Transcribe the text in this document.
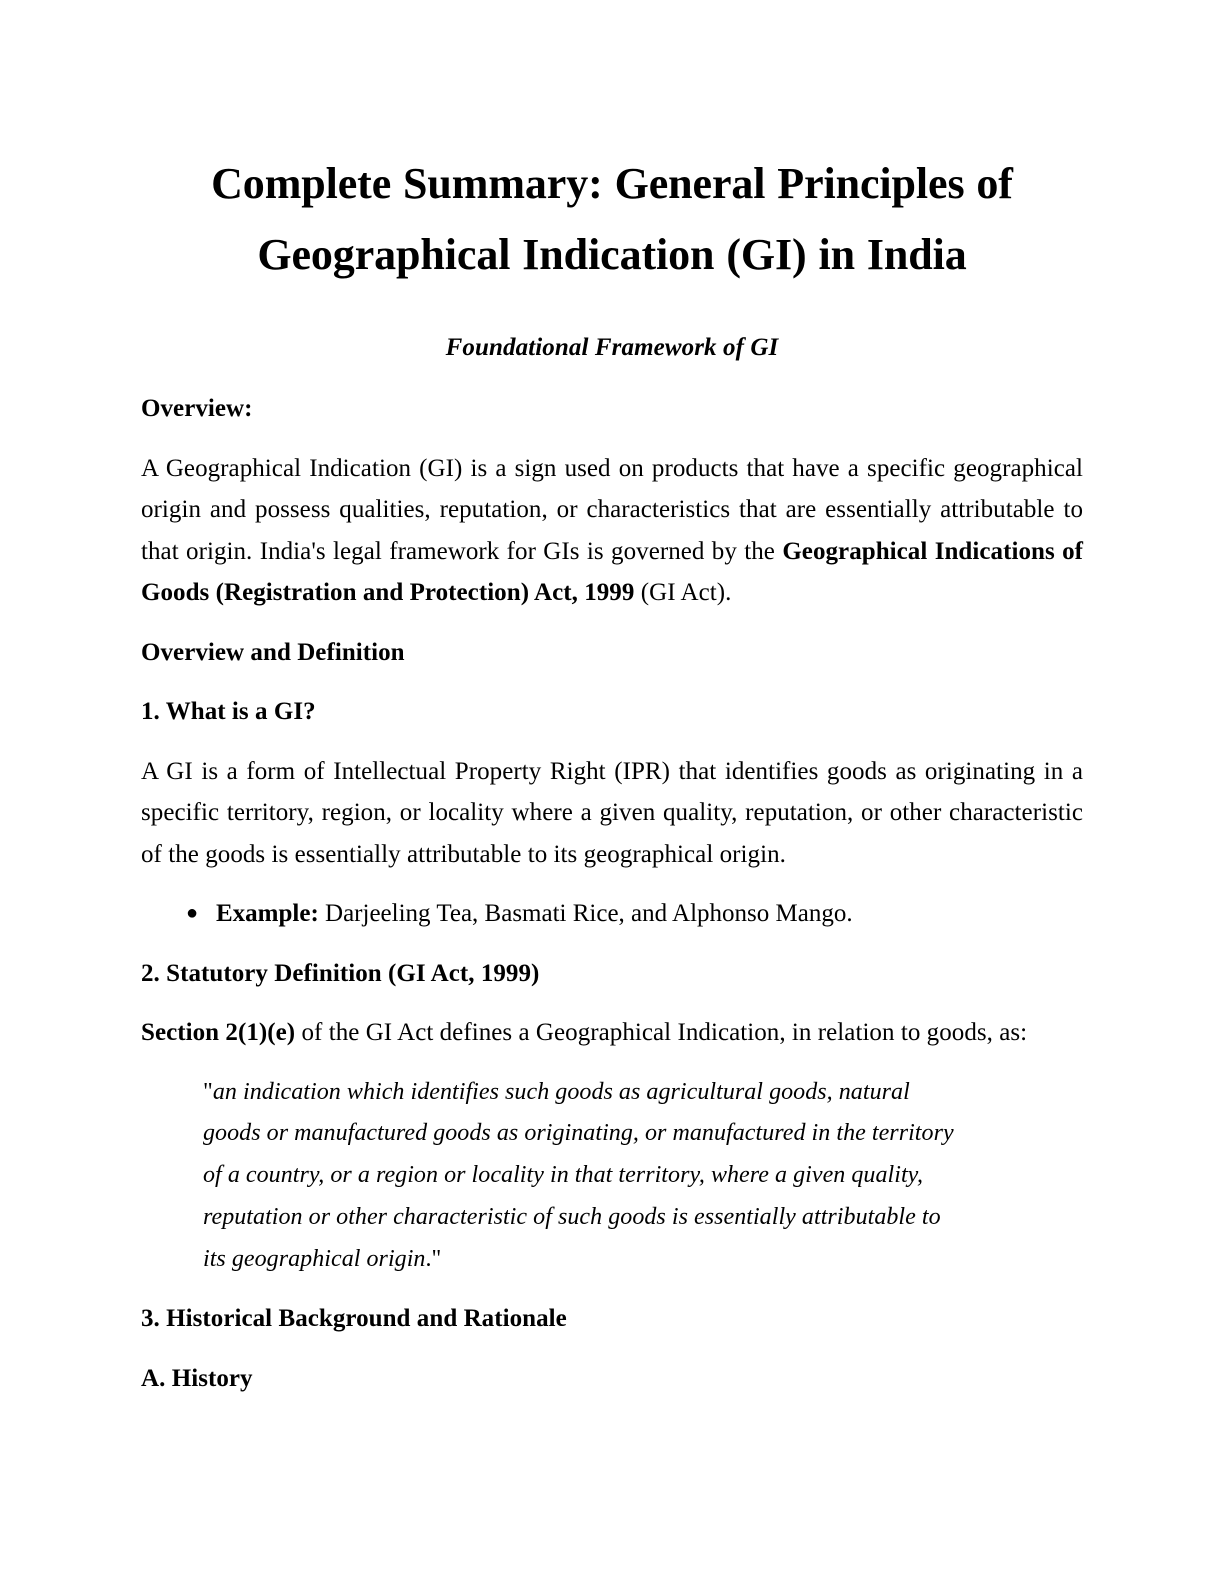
Complete Summary: General Principles of
Geographical Indication (GI) in India

Foundational Framework of GI

Overview:

A Geographical Indication (GI) is a sign used on products that have a specific geographical origin and possess qualities, reputation, or characteristics that are essentially attributable to that origin. India's legal framework for GIs is governed by the Geographical Indications of Goods (Registration and Protection) Act, 1999 (GI Act).

Overview and Definition
1. What is a GI?

A GI is a form of Intellectual Property Right (IPR) that identifies goods as originating in a specific territory, region, or locality where a given quality, reputation, or other characteristic of the goods is essentially attributable to its geographical origin.

● Example: Darjeeling Tea, Basmati Rice, and Alphonso Mango.
2. Statutory Definition (GI Act, 1999)

Section 2(1)(e) of the GI Act defines a Geographical Indication, in relation to goods, as:

"an indication which identifies such goods as agricultural goods, natural goods or manufactured goods as originating, or manufactured in the territory of a country, or a region or locality in that territory, where a given quality, reputation or other characteristic of such goods is essentially attributable to its geographical origin."
3. Historical Background and Rationale
A. History
